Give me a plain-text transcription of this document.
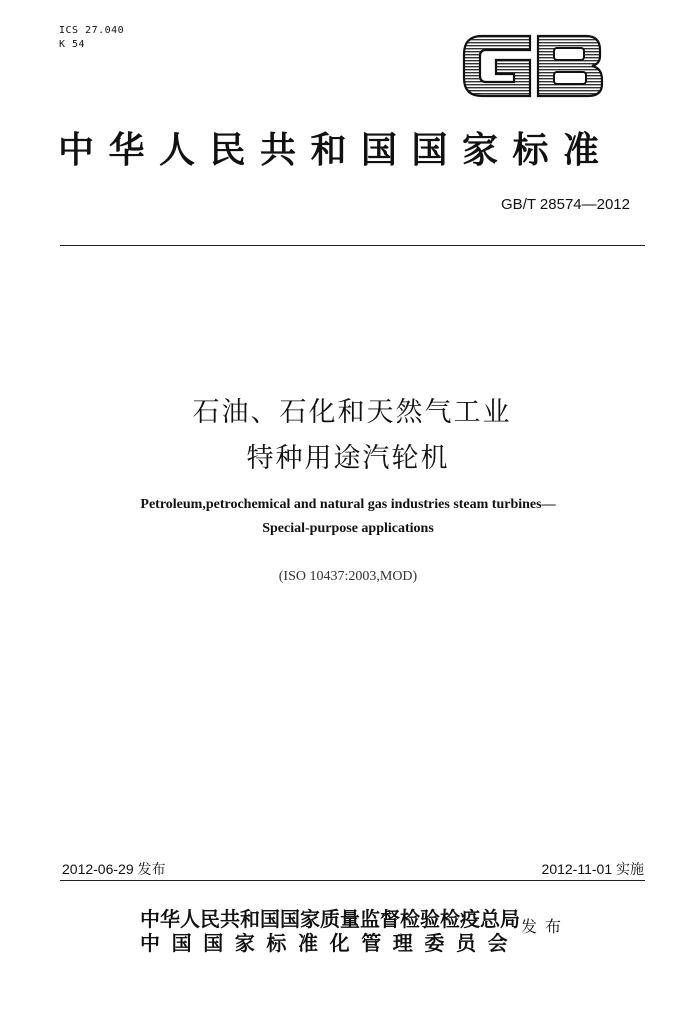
ICS 27.040
K 54
中华人民共和国国家标准
GB/T 28574—2012
石油、石化和天然气工业
特种用途汽轮机
Petroleum,petrochemical and natural gas industries steam turbines—
Special-purpose applications
(ISO 10437:2003,MOD)
2012-06-29 发布	2012-11-01 实施
中华人民共和国国家质量监督检验检疫总局
中国国家标准化管理委员会
发布
